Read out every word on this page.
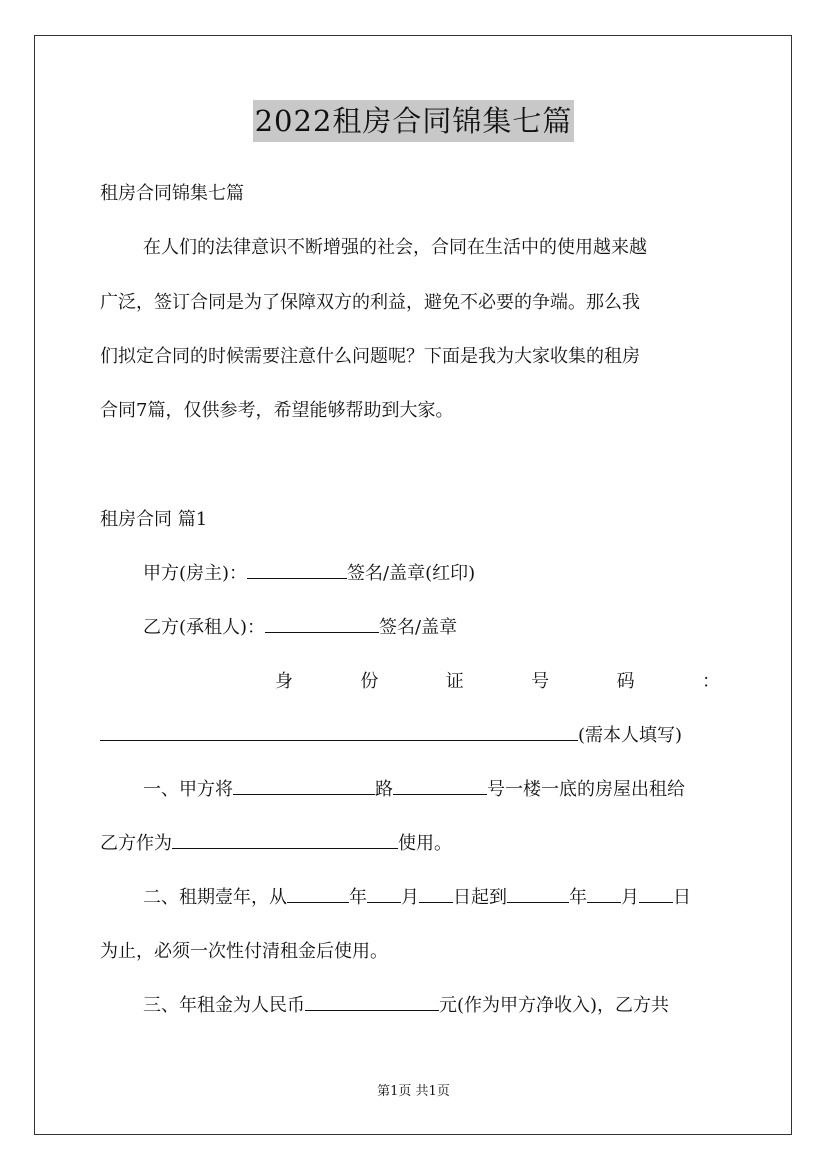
2022租房合同锦集七篇
租房合同锦集七篇
在人们的法律意识不断增强的社会，合同在生活中的使用越来越
广泛，签订合同是为了保障双方的利益，避免不必要的争端。那么我
们拟定合同的时候需要注意什么问题呢？下面是我为大家收集的租房
合同7篇，仅供参考，希望能够帮助到大家。
租房合同 篇1
甲方(房主)：	签名/盖章(红印)
乙方(承租人)：	签名/盖章
身	份	证	号	码	：
(需本人填写)
一、甲方将	路	号一楼一底的房屋出租给
乙方作为	使用。
二、租期壹年，从	年 月 日起到	年 月 日
为止，必须一次性付清租金后使用。
三、年租金为人民币	元(作为甲方净收入)，乙方共
第1页 共1页
